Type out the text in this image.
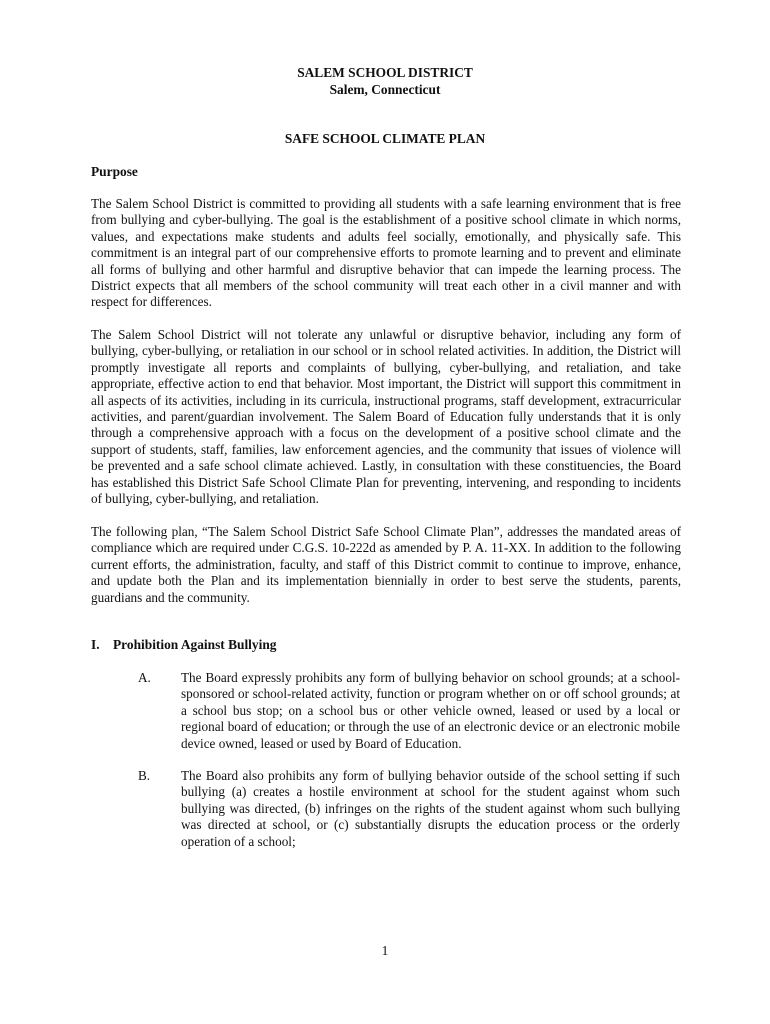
SALEM SCHOOL DISTRICT
Salem, Connecticut
SAFE SCHOOL CLIMATE PLAN
Purpose

The Salem School District is committed to providing all students with a safe learning environment that is free from bullying and cyber-bullying. The goal is the establishment of a positive school climate in which norms, values, and expectations make students and adults feel socially, emotionally, and physically safe. This commitment is an integral part of our comprehensive efforts to promote learning and to prevent and eliminate all forms of bullying and other harmful and disruptive behavior that can impede the learning process. The District expects that all members of the school community will treat each other in a civil manner and with respect for differences.

The Salem School District will not tolerate any unlawful or disruptive behavior, including any form of bullying, cyber-bullying, or retaliation in our school or in school related activities. In addition, the District will promptly investigate all reports and complaints of bullying, cyber-bullying, and retaliation, and take appropriate, effective action to end that behavior. Most important, the District will support this commitment in all aspects of its activities, including in its curricula, instructional programs, staff development, extracurricular activities, and parent/guardian involvement. The Salem Board of Education fully understands that it is only through a comprehensive approach with a focus on the development of a positive school climate and the support of students, staff, families, law enforcement agencies, and the community that issues of violence will be prevented and a safe school climate achieved. Lastly, in consultation with these constituencies, the Board has established this District Safe School Climate Plan for preventing, intervening, and responding to incidents of bullying, cyber-bullying, and retaliation.

The following plan, “The Salem School District Safe School Climate Plan”, addresses the mandated areas of compliance which are required under C.G.S. 10-222d as amended by P. A. 11-XX. In addition to the following current efforts, the administration, faculty, and staff of this District commit to continue to improve, enhance, and update both the Plan and its implementation biennially in order to best serve the students, parents, guardians and the community.

I. Prohibition Against Bullying
A. The Board expressly prohibits any form of bullying behavior on school grounds; at a school-sponsored or school-related activity, function or program whether on or off school grounds; at a school bus stop; on a school bus or other vehicle owned, leased or used by a local or regional board of education; or through the use of an electronic device or an electronic mobile device owned, leased or used by Board of Education.

B. The Board also prohibits any form of bullying behavior outside of the school setting if such bullying (a) creates a hostile environment at school for the student against whom such bullying was directed, (b) infringes on the rights of the student against whom such bullying was directed at school, or (c) substantially disrupts the education process or the orderly operation of a school;

1
